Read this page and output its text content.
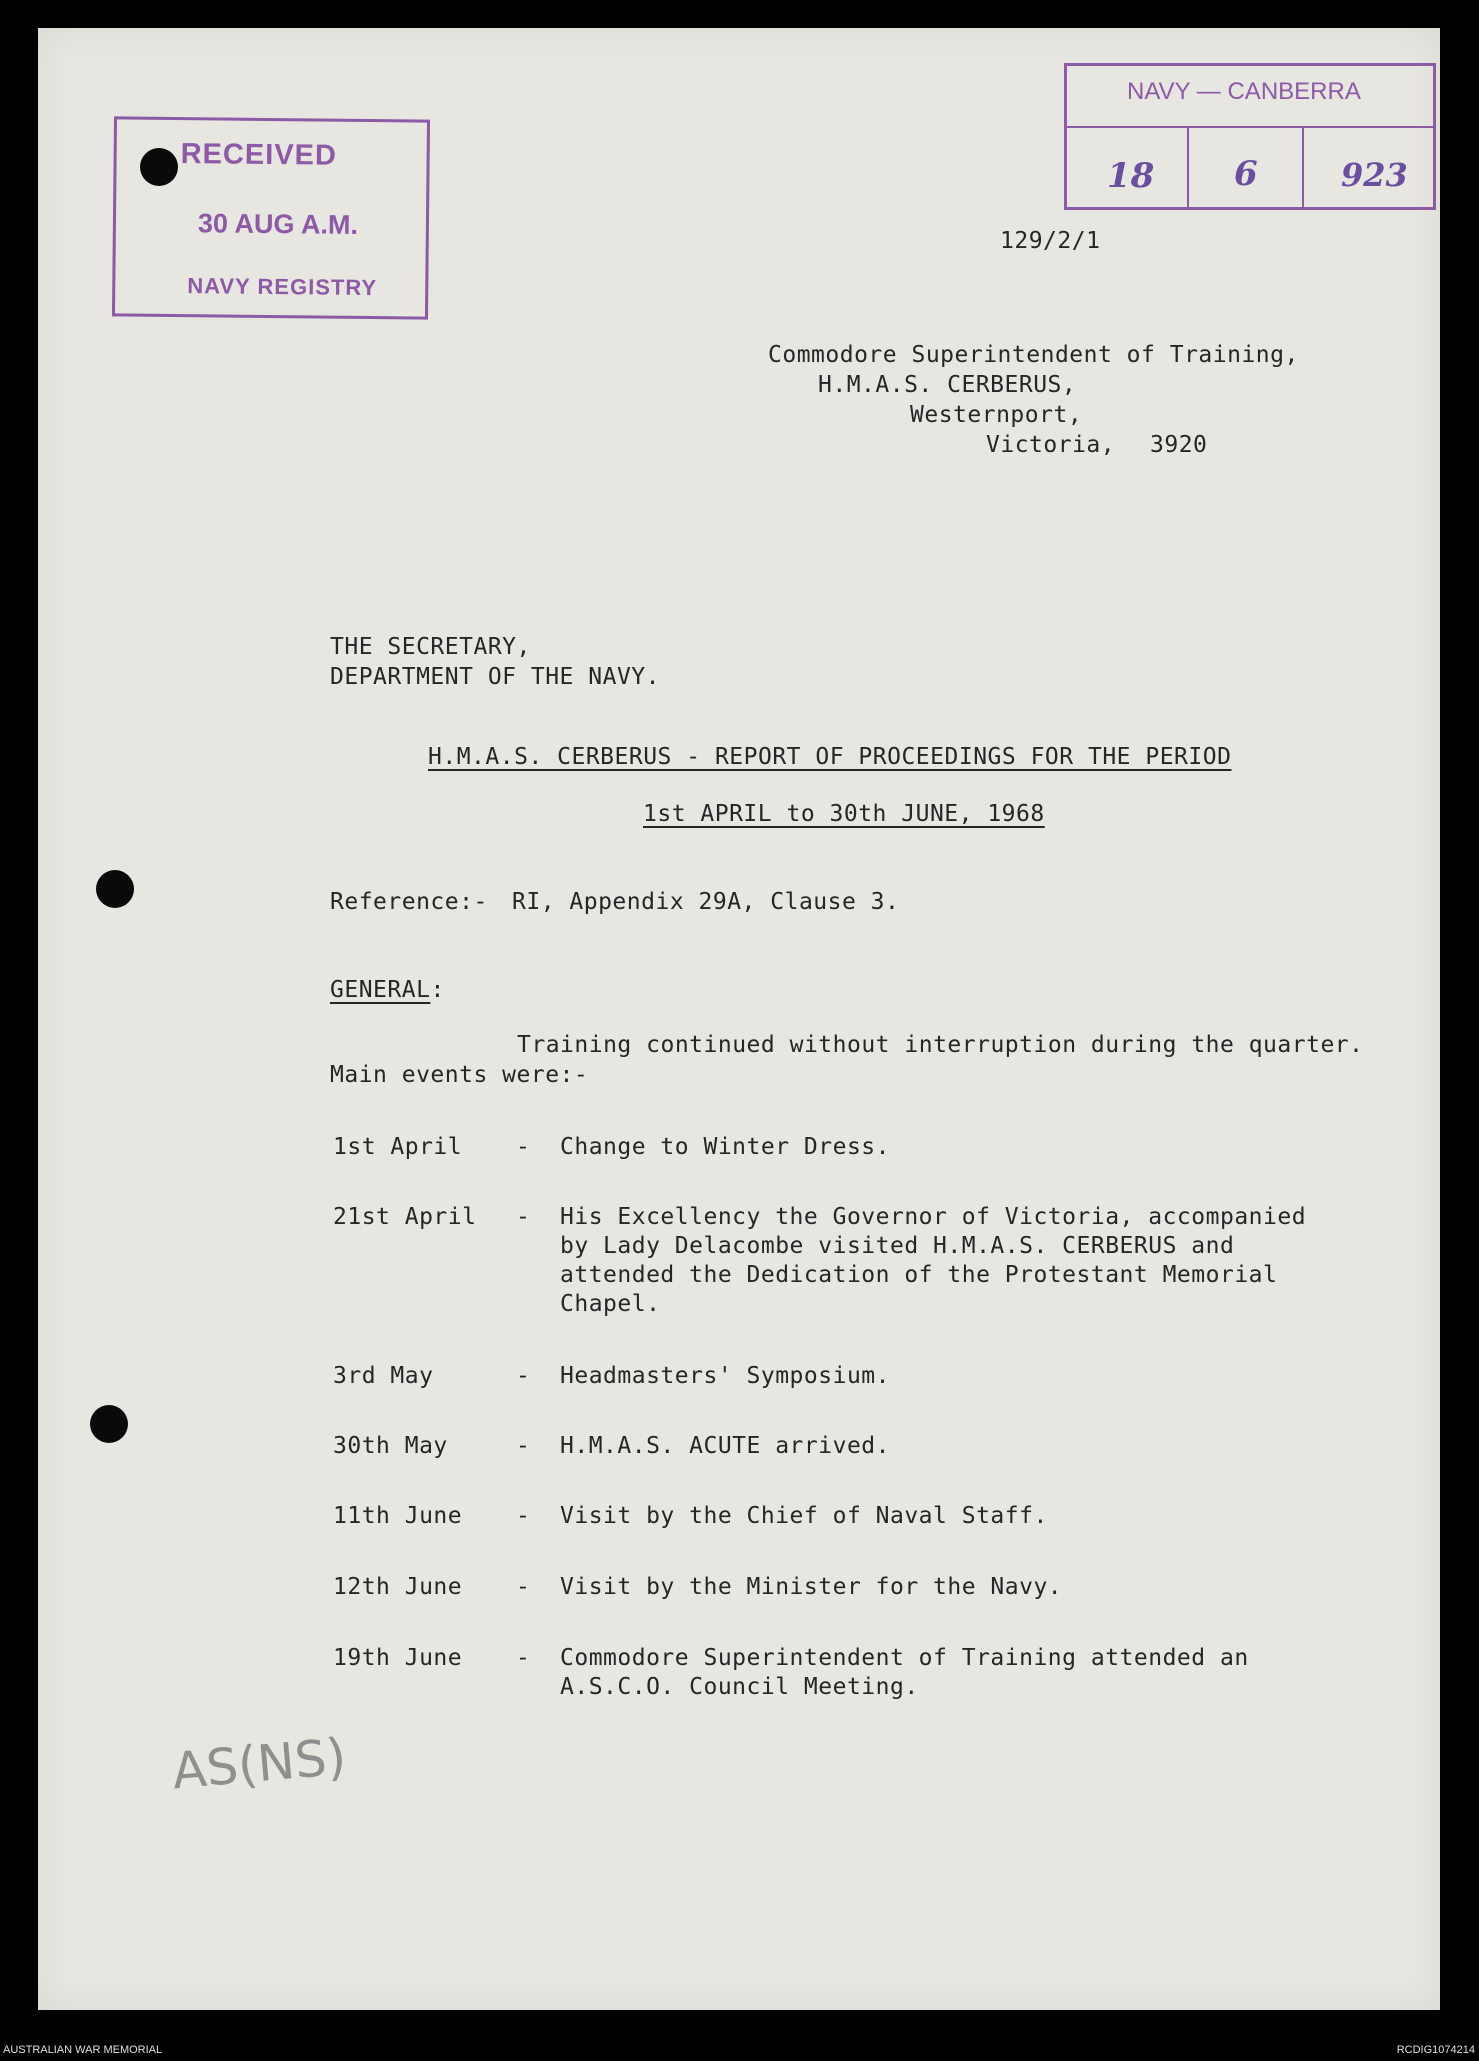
RECEIVED
30 AUG A.M.
NAVY REGISTRY
NAVY — CANBERRA
18 6	923
129/2/1
Commodore Superintendent of Training,
H.M.A.S. CERBERUS,
Westernport,
Victoria, 3920
THE SECRETARY,
DEPARTMENT OF THE NAVY.
H.M.A.S. CERBERUS - REPORT OF PROCEEDINGS FOR THE PERIOD
1st APRIL to 30th JUNE, 1968
Reference:- RI, Appendix 29A, Clause 3.
GENERAL:
Training continued without interruption during the quarter.
Main events were:-
1st April - Change to Winter Dress.
21st April - His Excellency the Governor of Victoria, accompanied
by Lady Delacombe visited H.M.A.S. CERBERUS and
attended the Dedication of the Protestant Memorial
Chapel.
3rd May	- Headmasters' Symposium.
30th May	- H.M.A.S. ACUTE arrived.
11th June - Visit by the Chief of Naval Staff.
12th June - Visit by the Minister for the Navy.
19th June - Commodore Superintendent of Training attended an
A.S.C.O. Council Meeting.
AS(NS)
AUSTRALIAN WAR MEMORIAL	RCDIG1074214
